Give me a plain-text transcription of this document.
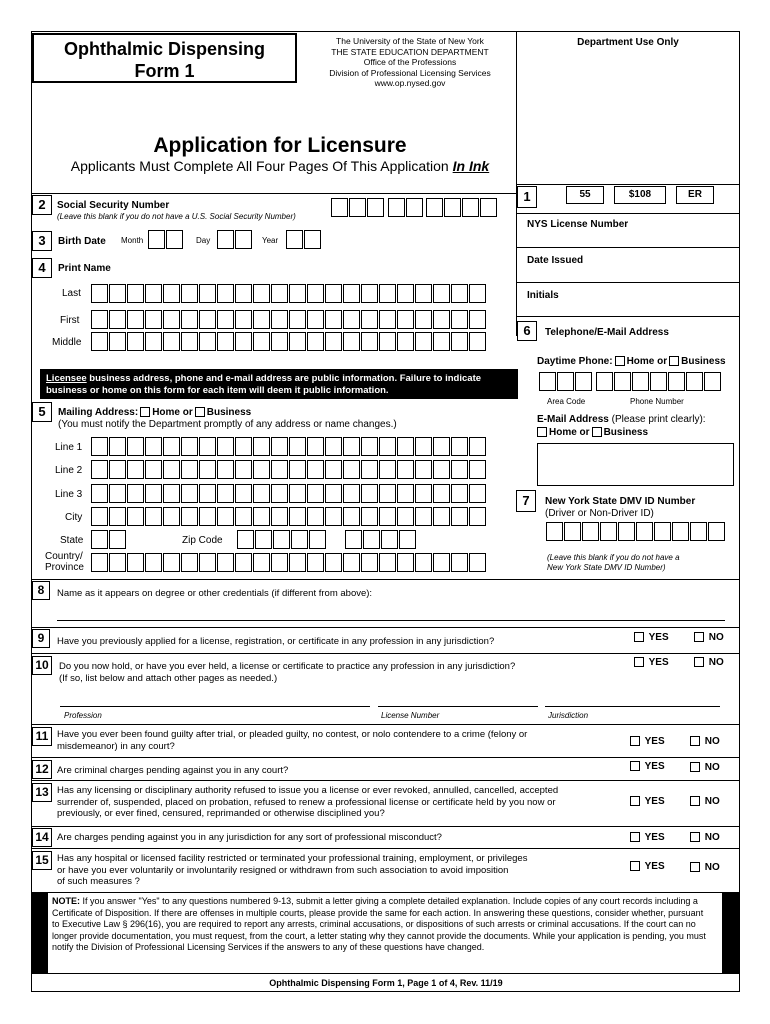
Ophthalmic Dispensing
Form 1
The University of the State of New York
THE STATE EDUCATION DEPARTMENT
Office of the Professions
Division of Professional Licensing Services
www.op.nysed.gov
Department Use Only
Application for Licensure
Applicants Must Complete All Four Pages Of This Application In Ink
1	55	$108	ER
NYS License Number
Date Issued
Initials
6	Telephone/E-Mail Address
Daytime Phone: Home or Business
Area Code	Phone Number
E-Mail Address (Please print clearly):
Home or Business
7	New York State DMV ID Number
(Driver or Non-Driver ID)
(Leave this blank if you do not have a
New York State DMV ID Number)
2	Social Security Number
(Leave this blank if you do not have a U.S. Social Security Number)
3	Birth Date Month	Day	Year
4	Print Name
Last
First
Middle
Licensee business address, phone and e-mail address are public information. Failure to indicate business or home on this form for each item will deem it public information.
5	Mailing Address: Home or Business
(You must notify the Department promptly of any address or name changes.)
Line 1
Line 2
Line 3
City
State	Zip Code
Country/
Province
8	Name as it appears on degree or other credentials (if different from above):
9	Have you previously applied for a license, registration, or certificate in any profession in any jurisdiction?	YES	NO
10	Do you now hold, or have you ever held, a license or certificate to practice any profession in any jurisdiction?
(If so, list below and attach other pages as needed.)
YES	NO
Profession	License Number	Jurisdiction
11 Have you ever been found guilty after trial, or pleaded guilty, no contest, or nolo contendere to a crime (felony or
misdemeanor) in any court?	YES	NO
12 Are criminal charges pending against you in any court?	YES	NO
13 Has any licensing or disciplinary authority refused to issue you a license or ever revoked, annulled, cancelled, accepted
surrender of, suspended, placed on probation, refused to renew a professional license or certificate held by you now or
previously, or ever fined, censured, reprimanded or otherwise disciplined you?
YES	NO
14 Are charges pending against you in any jurisdiction for any sort of professional misconduct?	YES	NO
15 Has any hospital or licensed facility restricted or terminated your professional training, employment, or privileges
or have you ever voluntarily or involuntarily resigned or withdrawn from such association to avoid imposition
of such measures ?
YES	NO
NOTE: If you answer "Yes" to any questions numbered 9-13, submit a letter giving a complete detailed explanation. Include copies of any court records including a Certificate of Disposition. If there are offenses in multiple courts, please provide the same for each action. In answering these questions, consider whether, pursuant to Executive Law § 296(16), you are required to report any arrests, criminal accusations, or dispositions of such arrests or criminal accusations. If the court can no longer provide documentation, you must request, from the court, a letter stating why they cannot provide the documents. While your application is pending, you must notify the Division of Professional Licensing Services if the answers to any of these questions have changed.
Ophthalmic Dispensing Form 1, Page 1 of 4, Rev. 11/19
